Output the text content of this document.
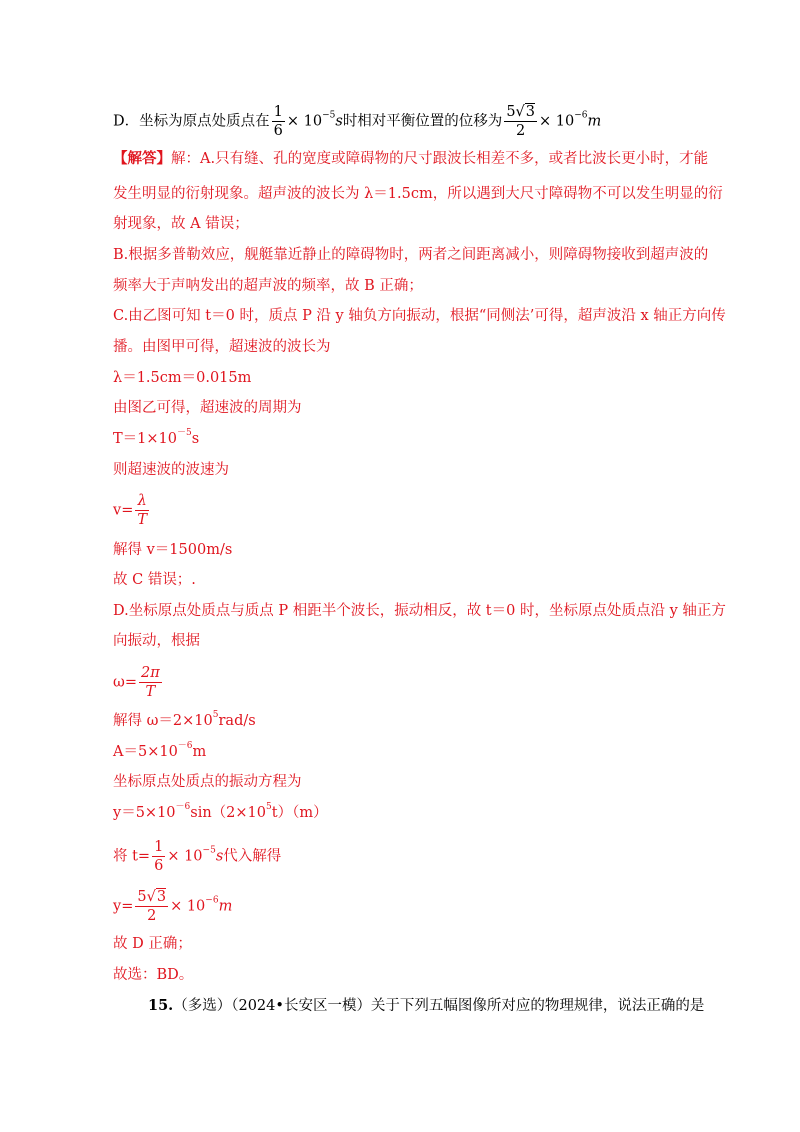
D．坐标为原点处质点在 $\frac{1}{6} \times 10^{-5}s$时相对平衡位置的位移为 $\frac{5√3}{2} \times 10^{-6}m$
【解答】解：A.只有缝、孔的宽度或障碍物的尺寸跟波长相差不多，或者比波长更小时，才能
发生明显的衍射现象。超声波的波长为 λ＝1.5cm，所以遇到大尺寸障碍物不可以发生明显的衍
射现象，故 A 错误；
B.根据多普勒效应，舰艇靠近静止的障碍物时，两者之间距离减小，则障碍物接收到超声波的
频率大于声呐发出的超声波的频率，故 B 正确；
C.由乙图可知 t＝0 时，质点 P 沿 y 轴负方向振动，根据“同侧法’可得，超声波沿 x 轴正方向传
播。由图甲可得，超速波的波长为
λ＝1.5cm＝0.015m
由图乙可得，超速波的周期为
$T=1\times 10^{-5}s$
则超速波的波速为
$v= \frac{\lambda}{T}$
解得 v＝1500m/s
故 C 错误；.
D.坐标原点处质点与质点 P 相距半个波长，振动相反，故 t＝0 时，坐标原点处质点沿 y 轴正方
向振动，根据
$\omega= \frac{2\pi}{T}$
解得 $\omega=2\times 10^5rad/s$
$A=5\times 10^{-6}m$
坐标原点处质点的振动方程为
$y=5\times 10^{-6}\sin(2\times 10^5t)(m)$
将 $t= \frac{1}{6} \times 10^{-5}s$代入解得
$y= \frac{5√3}{2} \times 10^{-6}m$
故 D 正确；
故选：BD。
15.（多选）（2024•长安区一模）关于下列五幅图像所对应的物理规律，说法正确的是
